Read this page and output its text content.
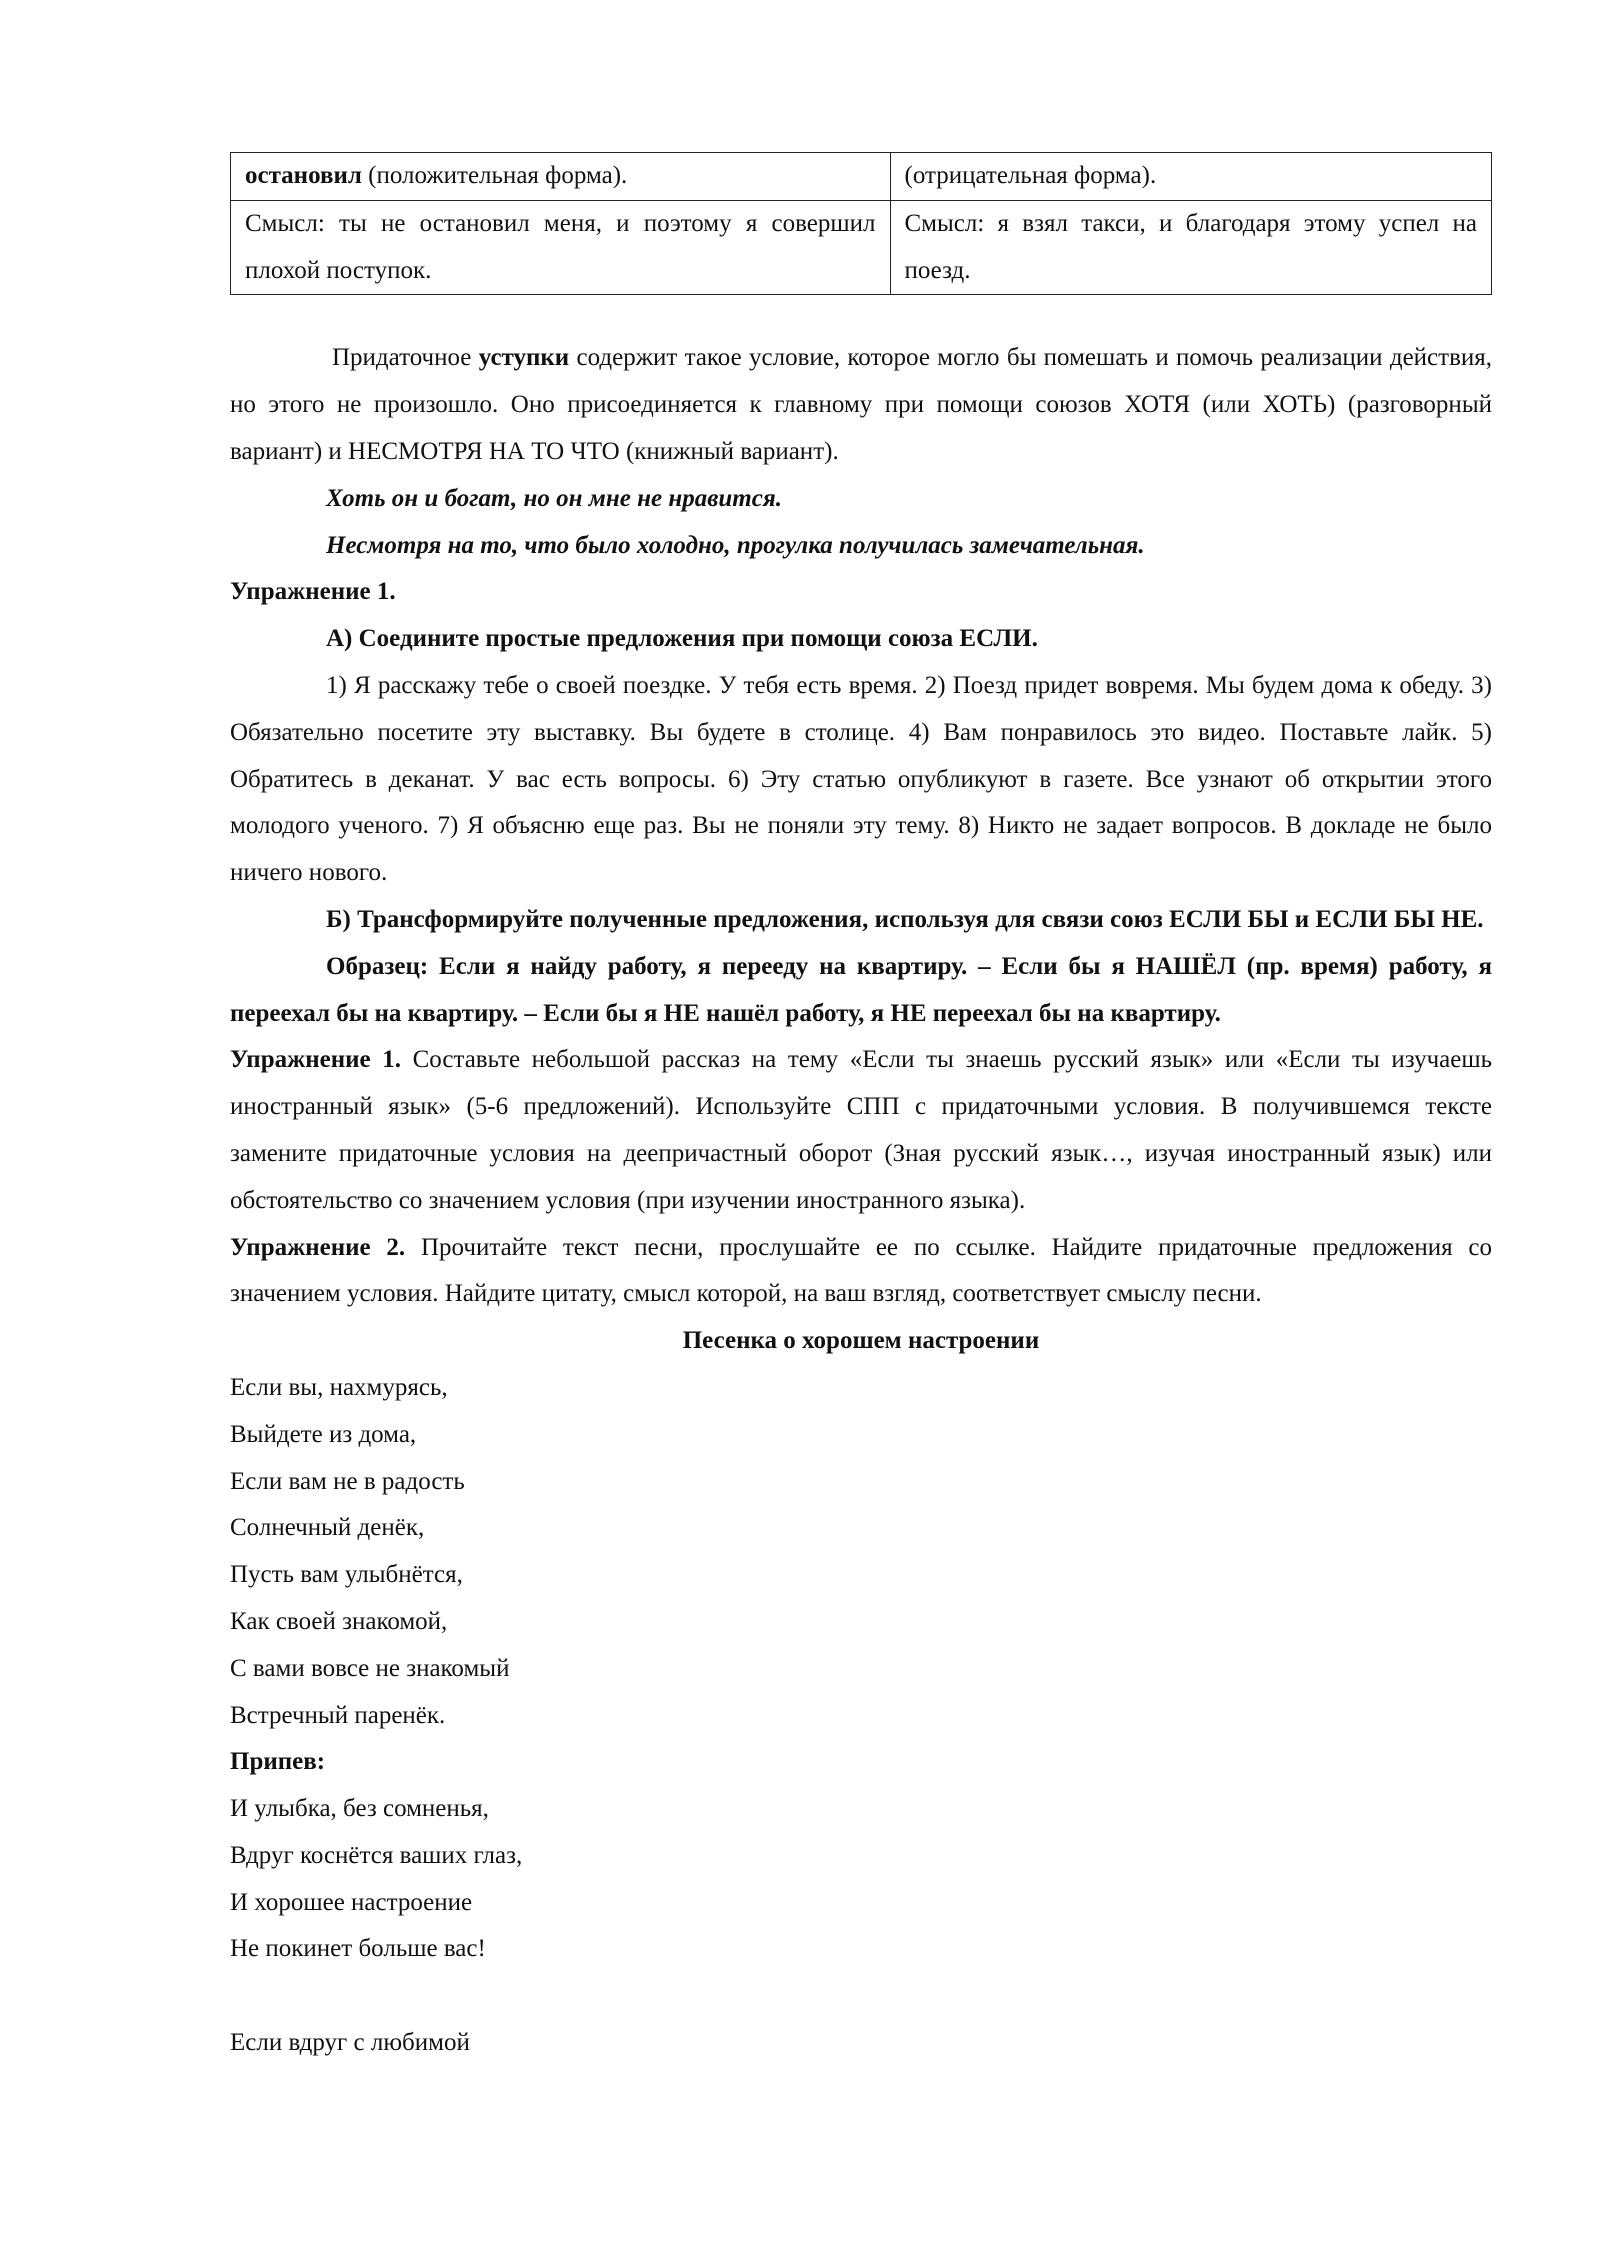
остановил (положительная форма).	(отрицательная форма).
Смысл: ты не остановил меня, и поэтому я совершил плохой поступок.	Смысл: я взял такси, и благодаря этому успел на поезд.

Придаточное уступки содержит такое условие, которое могло бы помешать и помочь реализации действия, но этого не произошло. Оно присоединяется к главному при помощи союзов ХОТЯ (или ХОТЬ) (разговорный вариант) и НЕСМОТРЯ НА ТО ЧТО (книжный вариант).

Хоть он и богат, но он мне не нравится.

Несмотря на то, что было холодно, прогулка получилась замечательная.

Упражнение 1.

А) Соедините простые предложения при помощи союза ЕСЛИ.

1) Я расскажу тебе о своей поездке. У тебя есть время. 2) Поезд придет вовремя. Мы будем дома к обеду. 3) Обязательно посетите эту выставку. Вы будете в столице. 4) Вам понравилось это видео. Поставьте лайк. 5) Обратитесь в деканат. У вас есть вопросы. 6) Эту статью опубликуют в газете. Все узнают об открытии этого молодого ученого. 7) Я объясню еще раз. Вы не поняли эту тему. 8) Никто не задает вопросов. В докладе не было ничего нового.

Б) Трансформируйте полученные предложения, используя для связи союз ЕСЛИ БЫ и ЕСЛИ БЫ НЕ.

Образец: Если я найду работу, я перееду на квартиру. – Если бы я НАШЁЛ (пр. время) работу, я переехал бы на квартиру. – Если бы я НЕ нашёл работу, я НЕ переехал бы на квартиру.

Упражнение 1. Составьте небольшой рассказ на тему «Если ты знаешь русский язык» или «Если ты изучаешь иностранный язык» (5-6 предложений). Используйте СПП с придаточными условия. В получившемся тексте замените придаточные условия на деепричастный оборот (Зная русский язык…, изучая иностранный язык) или обстоятельство со значением условия (при изучении иностранного языка).

Упражнение 2. Прочитайте текст песни, прослушайте ее по ссылке. Найдите придаточные предложения со значением условия. Найдите цитату, смысл которой, на ваш взгляд, соответствует смыслу песни.

Песенка о хорошем настроении

Если вы, нахмурясь,

Выйдете из дома,

Если вам не в радость

Солнечный денёк,

Пусть вам улыбнётся,

Как своей знакомой,

С вами вовсе не знакомый

Встречный паренёк.

Припев:

И улыбка, без сомненья,

Вдруг коснётся ваших глаз,

И хорошее настроение

Не покинет больше вас!

Если вдруг с любимой
